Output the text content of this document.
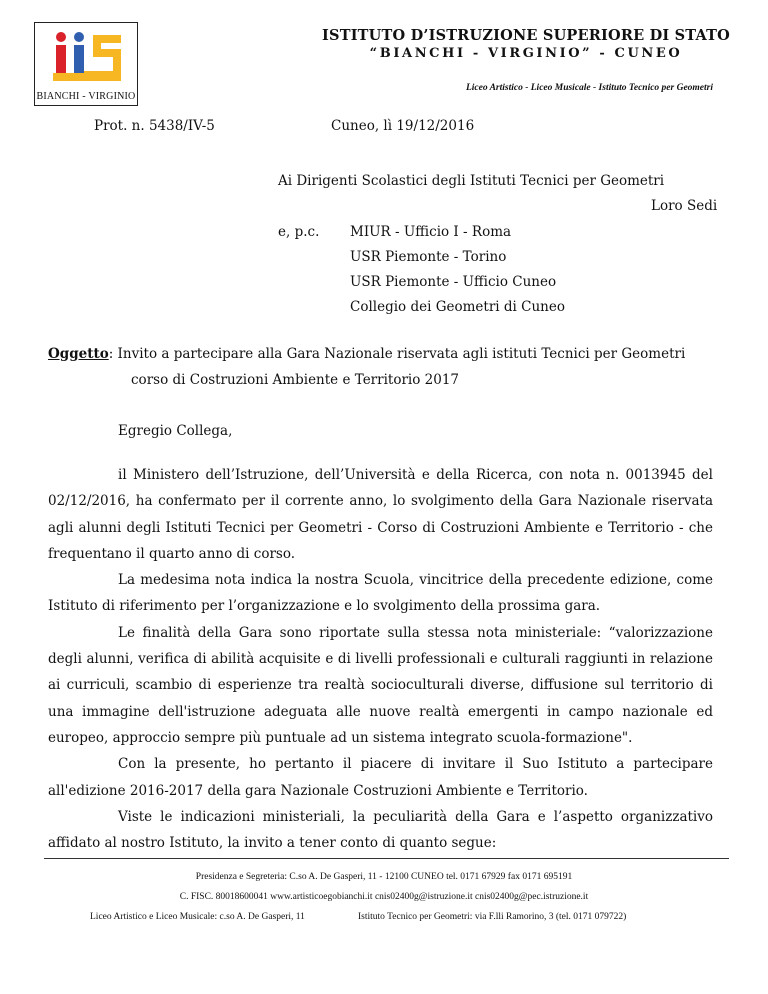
BIANCHI - VIRGINIO
ISTITUTO D’ISTRUZIONE SUPERIORE DI STATO
“BIANCHI - VIRGINIO” - CUNEO
Liceo Artistico - Liceo Musicale - Istituto Tecnico per Geometri
Prot. n. 5438/IV-5	Cuneo, lì 19/12/2016
Ai Dirigenti Scolastici degli Istituti Tecnici per Geometri
Loro Sedi
e, p.c. MIUR - Ufficio I - Roma
USR Piemonte - Torino
USR Piemonte - Ufficio Cuneo
Collegio dei Geometri di Cuneo
Oggetto: Invito a partecipare alla Gara Nazionale riservata agli istituti Tecnici per Geometri
corso di Costruzioni Ambiente e Territorio 2017
Egregio Collega,

il Ministero dell’Istruzione, dell’Università e della Ricerca, con nota n. 0013945 del 02/12/2016, ha confermato per il corrente anno, lo svolgimento della Gara Nazionale riservata agli alunni degli Istituti Tecnici per Geometri - Corso di Costruzioni Ambiente e Territorio - che frequentano il quarto anno di corso.

La medesima nota indica la nostra Scuola, vincitrice della precedente edizione, come Istituto di riferimento per l’organizzazione e lo svolgimento della prossima gara.

Le finalità della Gara sono riportate sulla stessa nota ministeriale: “valorizzazione degli alunni, verifica di abilità acquisite e di livelli professionali e culturali raggiunti in relazione ai curriculi, scambio di esperienze tra realtà socioculturali diverse, diffusione sul territorio di una immagine dell'istruzione adeguata alle nuove realtà emergenti in campo nazionale ed europeo, approccio sempre più puntuale ad un sistema integrato scuola-formazione".

Con la presente, ho pertanto il piacere di invitare il Suo Istituto a partecipare all'edizione 2016-2017 della gara Nazionale Costruzioni Ambiente e Territorio.

Viste le indicazioni ministeriali, la peculiarità della Gara e l’aspetto organizzativo affidato al nostro Istituto, la invito a tener conto di quanto segue:

Presidenza e Segreteria: C.so A. De Gasperi, 11 - 12100 CUNEO tel. 0171 67929 fax 0171 695191
C. FISC. 80018600041 www.artisticoegobianchi.it cnis02400g@istruzione.it cnis02400g@pec.istruzione.it
Liceo Artistico e Liceo Musicale: c.so A. De Gasperi, 11	Istituto Tecnico per Geometri: via F.lli Ramorino, 3 (tel. 0171 079722)
